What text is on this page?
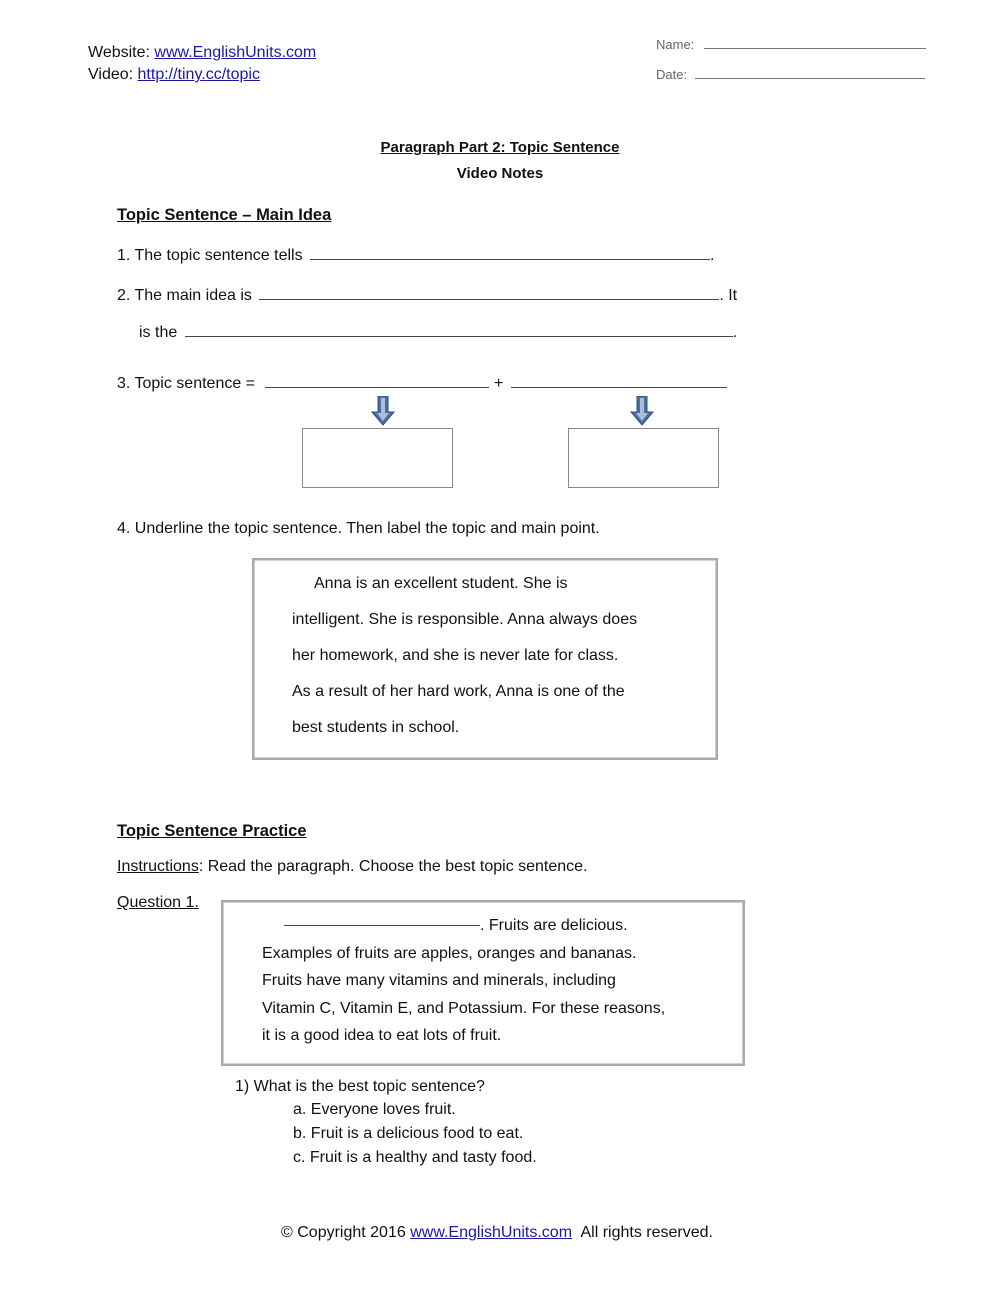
Website: www.EnglishUnits.com
Video: http://tiny.cc/topic
Name:
Date:
Paragraph Part 2: Topic Sentence
Video Notes
Topic Sentence – Main Idea
1. The topic sentence tells	.
2. The main idea is	. It
is the	.
3. Topic sentence =	+
4. Underline the topic sentence. Then label the topic and main point.
Anna is an excellent student. She is
intelligent. She is responsible. Anna always does
her homework, and she is never late for class.
As a result of her hard work, Anna is one of the
best students in school.
Topic Sentence Practice
Instructions: Read the paragraph. Choose the best topic sentence.
Question 1.
. Fruits are delicious.
Examples of fruits are apples, oranges and bananas.
Fruits have many vitamins and minerals, including
Vitamin C, Vitamin E, and Potassium. For these reasons,
it is a good idea to eat lots of fruit.
1) What is the best topic sentence?
a. Everyone loves fruit.
b. Fruit is a delicious food to eat.
c. Fruit is a healthy and tasty food.
© Copyright 2016 www.EnglishUnits.com All rights reserved.
